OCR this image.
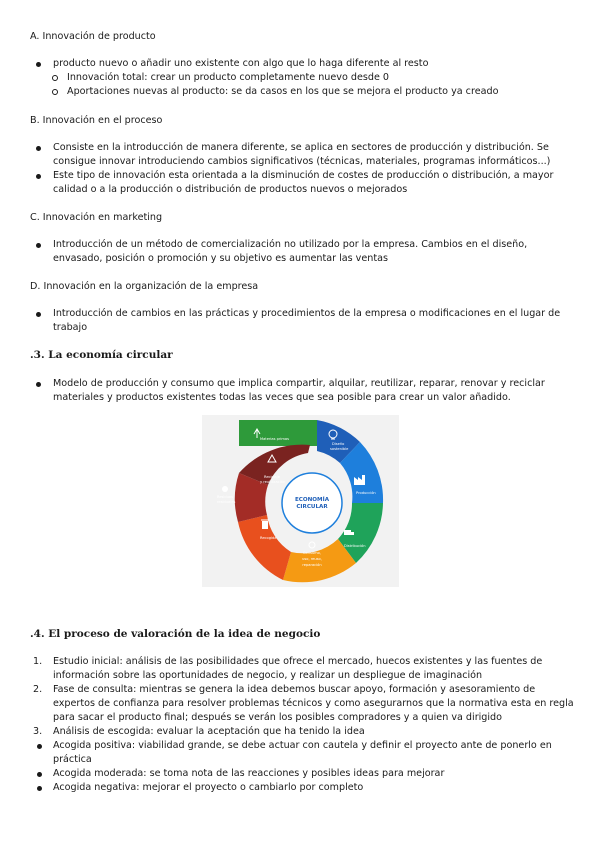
A. Innovación de producto

producto nuevo o añadir uno existente con algo que lo haga diferente al resto
Innovación total: crear un producto completamente nuevo desde 0
Aportaciones nuevas al producto: se da casos en los que se mejora el producto ya creado

B. Innovación en el proceso

Consiste en la introducción de manera diferente, se aplica en sectores de producción y distribución. Se consigue innovar introduciendo cambios significativos (técnicas, materiales, programas informáticos...)
Este tipo de innovación esta orientada a la disminución de costes de producción o distribución, a mayor calidad o a la producción o distribución de productos nuevos o mejorados

C. Innovación en marketing

Introducción de un método de comercialización no utilizado por la empresa. Cambios en el diseño, envasado, posición o promoción y su objetivo es aumentar las ventas

D. Innovación en la organización de la empresa

Introducción de cambios en las prácticas y procedimientos de la empresa o modificaciones en el lugar de trabajo

.3. La economía circular

Modelo de producción y consumo que implica compartir, alquilar, reutilizar, reparar, renovar y reciclar materiales y productos existentes todas las veces que sea posible para crear un valor añadido.
ECONOMÍA
CIRCULAR
Materias primas
Diseño
sostenible
Producción
Distribución
Consumo,
uso, reuso,
reparación
Recogida
Residuos
residuales
Reciclaje
y reutilización

.4. El proceso de valoración de la idea de negocio

1. Estudio inicial: análisis de las posibilidades que ofrece el mercado, huecos existentes y las fuentes de información sobre las oportunidades de negocio, y realizar un despliegue de imaginación
2. Fase de consulta: mientras se genera la idea debemos buscar apoyo, formación y asesoramiento de expertos de confianza para resolver problemas técnicos y como asegurarnos que la normativa esta en regla para sacar el producto final; después se verán los posibles compradores y a quien va dirigido
3. Análisis de escogida: evaluar la aceptación que ha tenido la idea
Acogida positiva: viabilidad grande, se debe actuar con cautela y definir el proyecto ante de ponerlo en práctica
Acogida moderada: se toma nota de las reacciones y posibles ideas para mejorar
Acogida negativa: mejorar el proyecto o cambiarlo por completo
